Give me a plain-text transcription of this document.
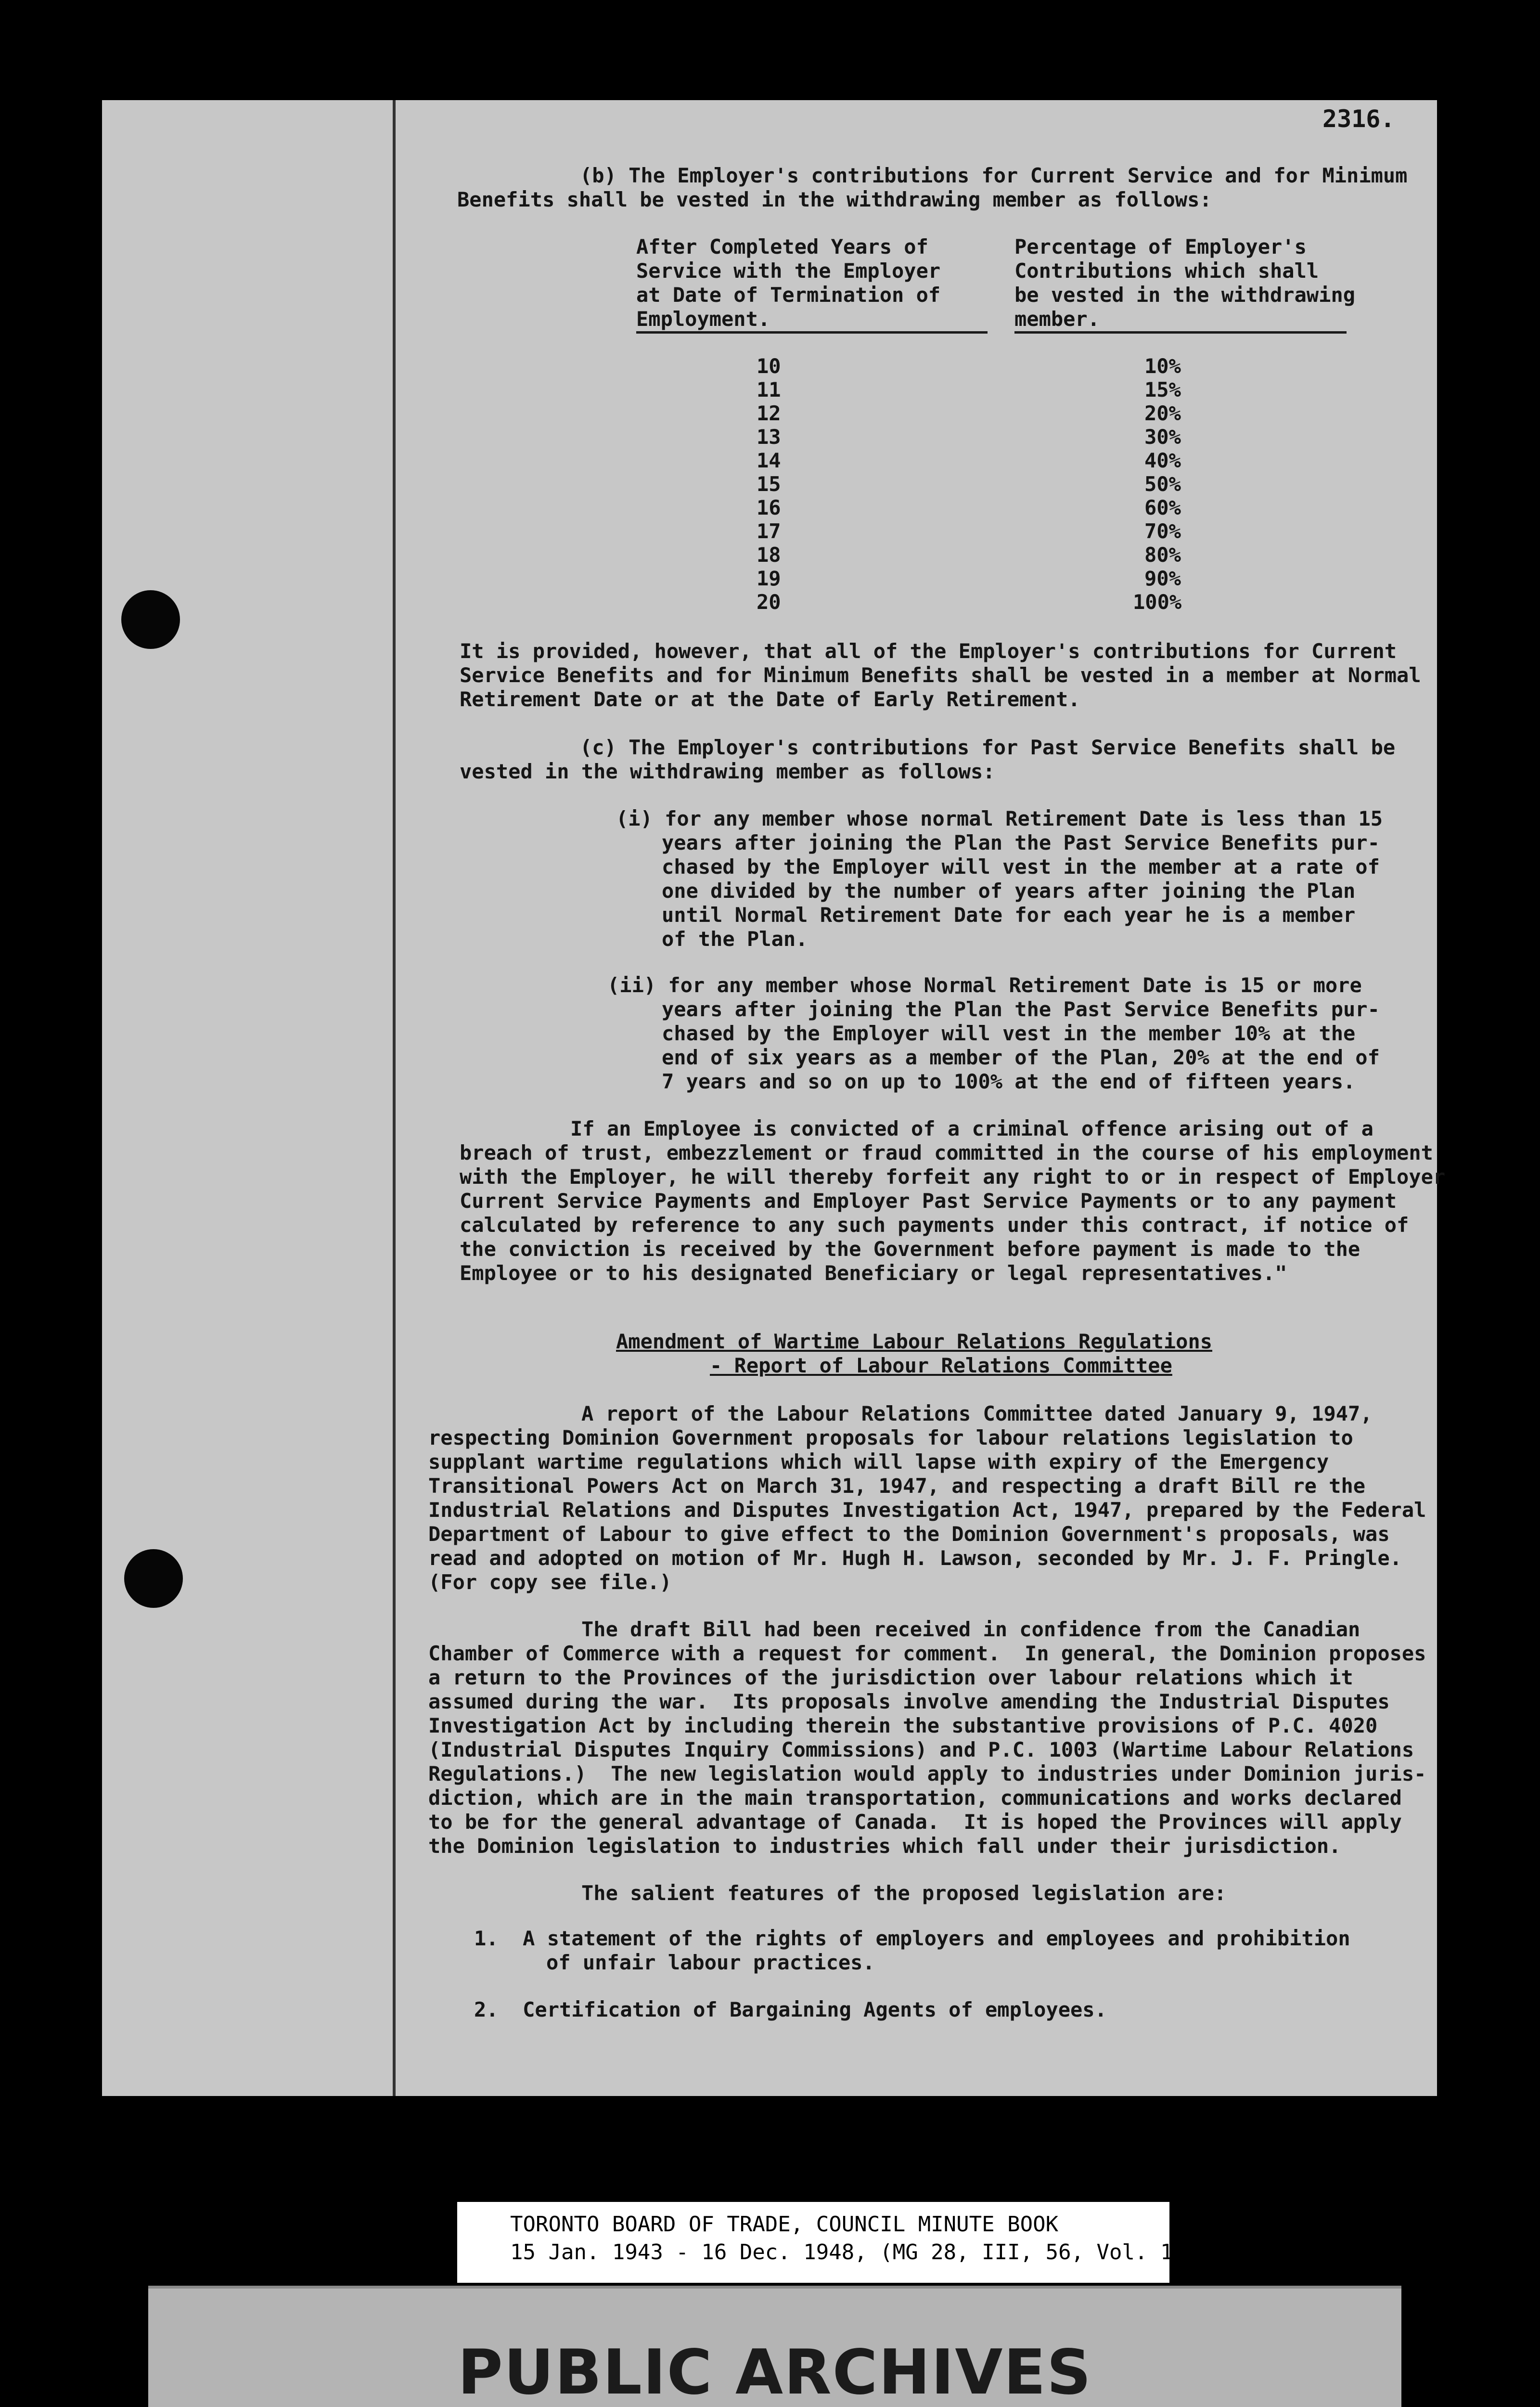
2316.
(b) The Employer's contributions for Current Service and for Minimum
Benefits shall be vested in the withdrawing member as follows:
After Completed Years of
Service with the Employer
at Date of Termination of
Employment.
Percentage of Employer's
Contributions which shall
be vested in the withdrawing
member.
10	10%
11	15%
12	20%
13	30%
14	40%
15	50%
16	60%
17	70%
18	80%
19	90%
20	100%
It is provided, however, that all of the Employer's contributions for Current
Service Benefits and for Minimum Benefits shall be vested in a member at Normal
Retirement Date or at the Date of Early Retirement.
(c) The Employer's contributions for Past Service Benefits shall be
vested in the withdrawing member as follows:
(i) for any member whose normal Retirement Date is less than 15
years after joining the Plan the Past Service Benefits pur-
chased by the Employer will vest in the member at a rate of
one divided by the number of years after joining the Plan
until Normal Retirement Date for each year he is a member
of the Plan.
(ii) for any member whose Normal Retirement Date is 15 or more
years after joining the Plan the Past Service Benefits pur-
chased by the Employer will vest in the member 10% at the
end of six years as a member of the Plan, 20% at the end of
7 years and so on up to 100% at the end of fifteen years.
If an Employee is convicted of a criminal offence arising out of a
breach of trust, embezzlement or fraud committed in the course of his employment
with the Employer, he will thereby forfeit any right to or in respect of Employer
Current Service Payments and Employer Past Service Payments or to any payment
calculated by reference to any such payments under this contract, if notice of
the conviction is received by the Government before payment is made to the
Employee or to his designated Beneficiary or legal representatives."
Amendment of Wartime Labour Relations Regulations
- Report of Labour Relations Committee
A report of the Labour Relations Committee dated January 9, 1947,
respecting Dominion Government proposals for labour relations legislation to
supplant wartime regulations which will lapse with expiry of the Emergency
Transitional Powers Act on March 31, 1947, and respecting a draft Bill re the
Industrial Relations and Disputes Investigation Act, 1947, prepared by the Federal
Department of Labour to give effect to the Dominion Government's proposals, was
read and adopted on motion of Mr. Hugh H. Lawson, seconded by Mr. J. F. Pringle.
(For copy see file.)
The draft Bill had been received in confidence from the Canadian
Chamber of Commerce with a request for comment.  In general, the Dominion proposes
a return to the Provinces of the jurisdiction over labour relations which it
assumed during the war.  Its proposals involve amending the Industrial Disputes
Investigation Act by including therein the substantive provisions of P.C. 4020
(Industrial Disputes Inquiry Commissions) and P.C. 1003 (Wartime Labour Relations
Regulations.)  The new legislation would apply to industries under Dominion juris-
diction, which are in the main transportation, communications and works declared
to be for the general advantage of Canada.  It is hoped the Provinces will apply
the Dominion legislation to industries which fall under their jurisdiction.
The salient features of the proposed legislation are:
1.  A statement of the rights of employers and employees and prohibition
of unfair labour practices.
2.  Certification of Bargaining Agents of employees.
TORONTO BOARD OF TRADE, COUNCIL MINUTE BOOK
15 Jan. 1943 - 16 Dec. 1948, (MG 28, III, 56, Vol. 12)
PUBLIC ARCHIVES
